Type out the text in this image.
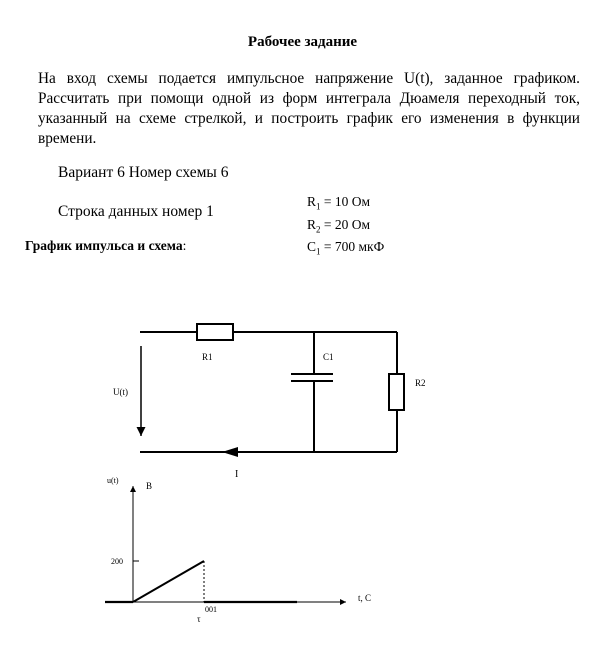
Рабочее задание
На вход схемы подается импульсное напряжение U(t), заданное графиком. Рассчитать при помощи одной из форм интеграла Дюамеля переходный ток, указанный на схеме стрелкой, и построить график его изменения в функции времени.
Вариант 6 Номер схемы 6
Строка данных номер 1
$R_1 = 10$ Ом
$R_2 = 20$ Ом
$C_1 = 700$ мкФ
График импульса и схема:
R1	C1
R2
U(t)
I
u(t)
B
200
t, C
τ
001
